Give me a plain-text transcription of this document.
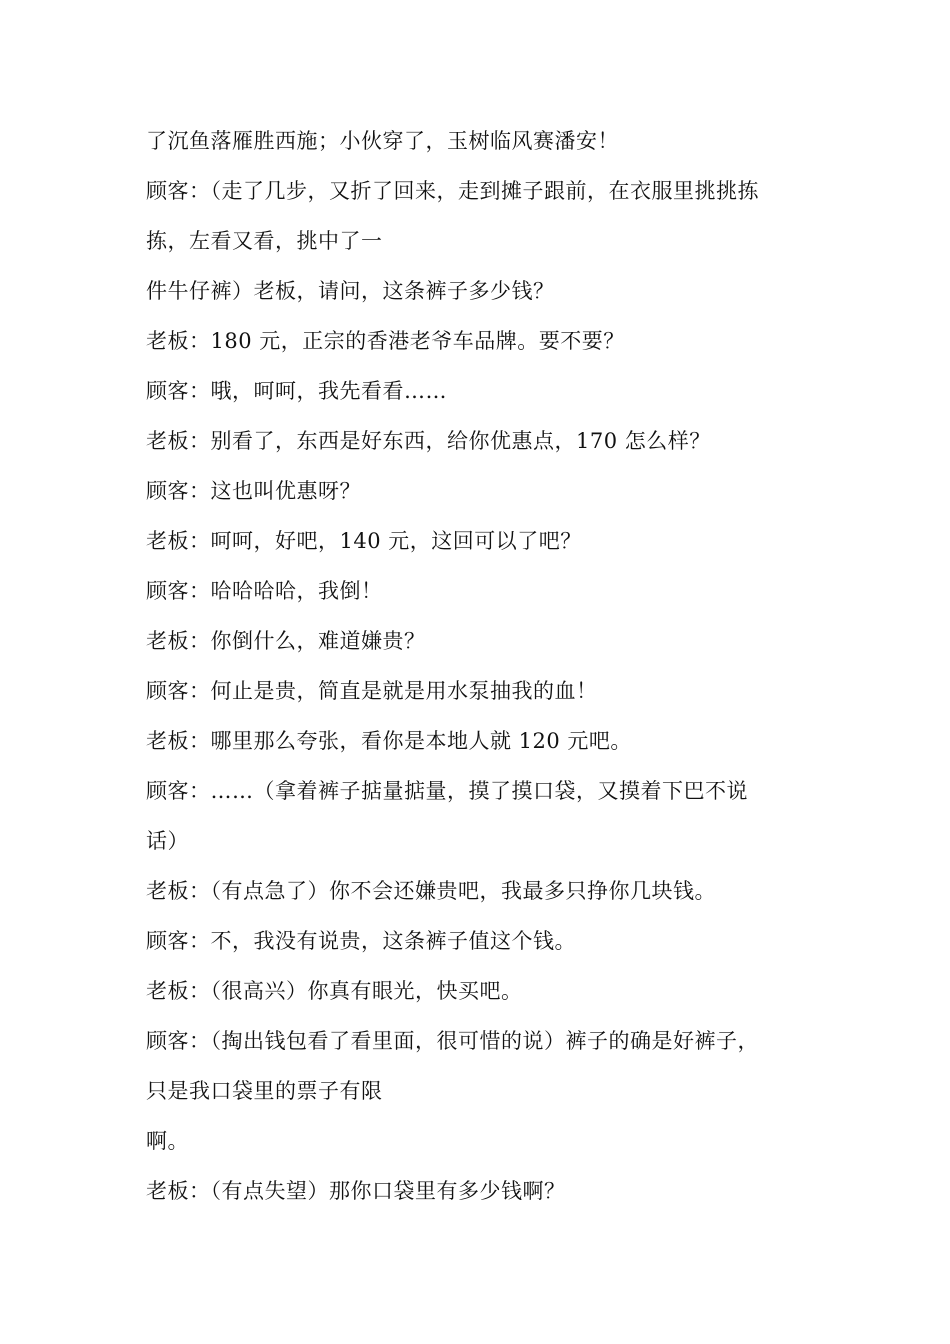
了沉鱼落雁胜西施；小伙穿了，玉树临风赛潘安！
顾客：（走了几步，又折了回来，走到摊子跟前，在衣服里挑挑拣
拣，左看又看，挑中了一
件牛仔裤）老板，请问，这条裤子多少钱？
老板：180 元，正宗的香港老爷车品牌。要不要？
顾客：哦，呵呵，我先看看……
老板：别看了，东西是好东西，给你优惠点，170 怎么样？
顾客：这也叫优惠呀？
老板：呵呵，好吧，140 元，这回可以了吧？
顾客：哈哈哈哈，我倒！
老板：你倒什么，难道嫌贵？
顾客：何止是贵，简直是就是用水泵抽我的血！
老板：哪里那么夸张，看你是本地人就 120 元吧。
顾客：……（拿着裤子掂量掂量，摸了摸口袋，又摸着下巴不说
话）
老板：（有点急了）你不会还嫌贵吧，我最多只挣你几块钱。
顾客：不，我没有说贵，这条裤子值这个钱。
老板：（很高兴）你真有眼光，快买吧。
顾客：（掏出钱包看了看里面，很可惜的说）裤子的确是好裤子，
只是我口袋里的票子有限
啊。
老板：（有点失望）那你口袋里有多少钱啊？
